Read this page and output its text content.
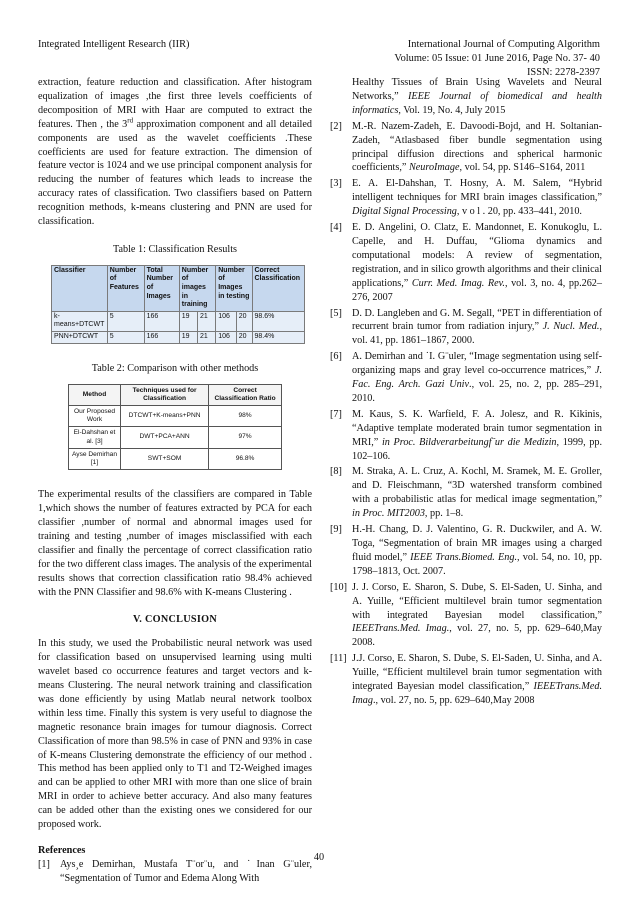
Integrated Intelligent Research (IIR)	International Journal of Computing Algorithm
Volume: 05 Issue: 01 June 2016, Page No. 37- 40
ISSN: 2278-2397

extraction, feature reduction and classification. After histogram equalization of images ,the first three levels coefficients of decomposition of MRI with Haar are computed to extract the features. Then , the 3rd approximation component and all detailed components are used as the wavelet coefficients .These coefficients are used for feature extraction. The dimension of feature vector is 1024 and we use principal component analysis for reducing the number of features which leads to increase the accuracy rates of classification. Two classifiers based on Pattern recognition methods, k-means clustering and PNN are used for classification.

Table 1: Classification Results
Classifier	Number of Features	Total Number of Images	Number of images in training		Number of Images in testing		Correct Classification
k-means+DTCWT	5	166	19	21	106	20	98.6%
PNN+DTCWT	5	166	19	21	106	20	98.4%
Table 2: Comparison with other methods
Method	Techniques used for Classification	Correct Classification Ratio
Our Proposed Work	DTCWT+K-means+PNN	98%
El-Dahshan et al. [3]	DWT+PCA+ANN	97%
Ayse Demirhan [1]	SWT+SOM	96.8%

The experimental results of the classifiers are compared in Table 1,which shows the number of features extracted by PCA for each classifier ,number of normal and abnormal images used for training and testing ,number of images misclassified with each classifier and finally the percentage of correct classification ratio for the two different class images. The analysis of the experimental results shows that correction classification ratio 98.4% achieved with the PNN Classifier and 98.6% with K-means Clustering .

V. CONCLUSION

In this study, we used the Probabilistic neural network was used for classification based on unsupervised learning using multi wavelet based co occurrence features and target vectors and k-means Clustering. The neural network training and classification was done efficiently by using Matlab neural network toolbox within less time. Finally this system is very useful to diagnose the magnetic resonance brain images for tumour diagnosis. Correct Classification of more than 98.5% in case of PNN and 93% in case of K-means Clustering demonstrate the efficiency of our method . This method has been applied only to T1 and T2-Weighed images and can be applied to other MRI with more than one slice of brain MRI in order to achieve better accuracy. And also many features can be added other than the existing ones we considered for our proposed work.

References
[1] Ays¸e Demirhan, Mustafa T¨or¨u, and ˙Inan G¨uler, “Segmentation of Tumor and Edema Along With
Healthy Tissues of Brain Using Wavelets and Neural Networks,” IEEE Journal of biomedical and health informatics, Vol. 19, No. 4, July 2015
[2] M.-R. Nazem-Zadeh, E. Davoodi-Bojd, and H. Soltanian-Zadeh, “Atlasbased fiber bundle segmentation using principal diffusion directions and spherical harmonic coefficients,” NeuroImage, vol. 54, pp. S146–S164, 2011
[3] E. A. El-Dahshan, T. Hosny, A. M. Salem, “Hybrid intelligent techniques for MRI brain images classification,” Digital Signal Processing, v o l . 20, pp. 433–441, 2010.
[4] E. D. Angelini, O. Clatz, E. Mandonnet, E. Konukoglu, L. Capelle, and H. Duffau, “Glioma dynamics and computational models: A review of segmentation, registration, and in silico growth algorithms and their clinical applications,” Curr. Med. Imag. Rev., vol. 3, no. 4, pp.262–276, 2007
[5] D. D. Langleben and G. M. Segall, “PET in differentiation of recurrent brain tumor from radiation injury,” J. Nucl. Med., vol. 41, pp. 1861–1867, 2000.
[6] A. Demirhan and ˙I. G¨uler, “Image segmentation using self-organizing maps and gray level co-occurrence matrices,” J. Fac. Eng. Arch. Gazi Univ., vol. 25, no. 2, pp. 285–291, 2010.
[7] M. Kaus, S. K. Warfield, F. A. Jolesz, and R. Kikinis, “Adaptive template moderated brain tumor segmentation in MRI,” in Proc. Bildverarbeitungf¨ur die Medizin, 1999, pp. 102–106.
[8] M. Straka, A. L. Cruz, A. Kochl, M. Sramek, M. E. Groller, and D. Fleischmann, “3D watershed transform combined with a probabilistic atlas for medical image segmentation,” in Proc. MIT2003, pp. 1–8.
[9] H.-H. Chang, D. J. Valentino, G. R. Duckwiler, and A. W. Toga, “Segmentation of brain MR images using a charged fluid model,” IEEE Trans.Biomed. Eng., vol. 54, no. 10, pp. 1798–1813, Oct. 2007.
[10] J. J. Corso, E. Sharon, S. Dube, S. El-Saden, U. Sinha, and A. Yuille, “Efficient multilevel brain tumor segmentation with integrated Bayesian model classification,” IEEETrans.Med. Imag., vol. 27, no. 5, pp. 629–640,May 2008.
[11] J.J. Corso, E. Sharon, S. Dube, S. El-Saden, U. Sinha, and A. Yuille, “Efficient multilevel brain tumor segmentation with integrated Bayesian model classification,” IEEETrans.Med. Imag., vol. 27, no. 5, pp. 629–640,May 2008
40
